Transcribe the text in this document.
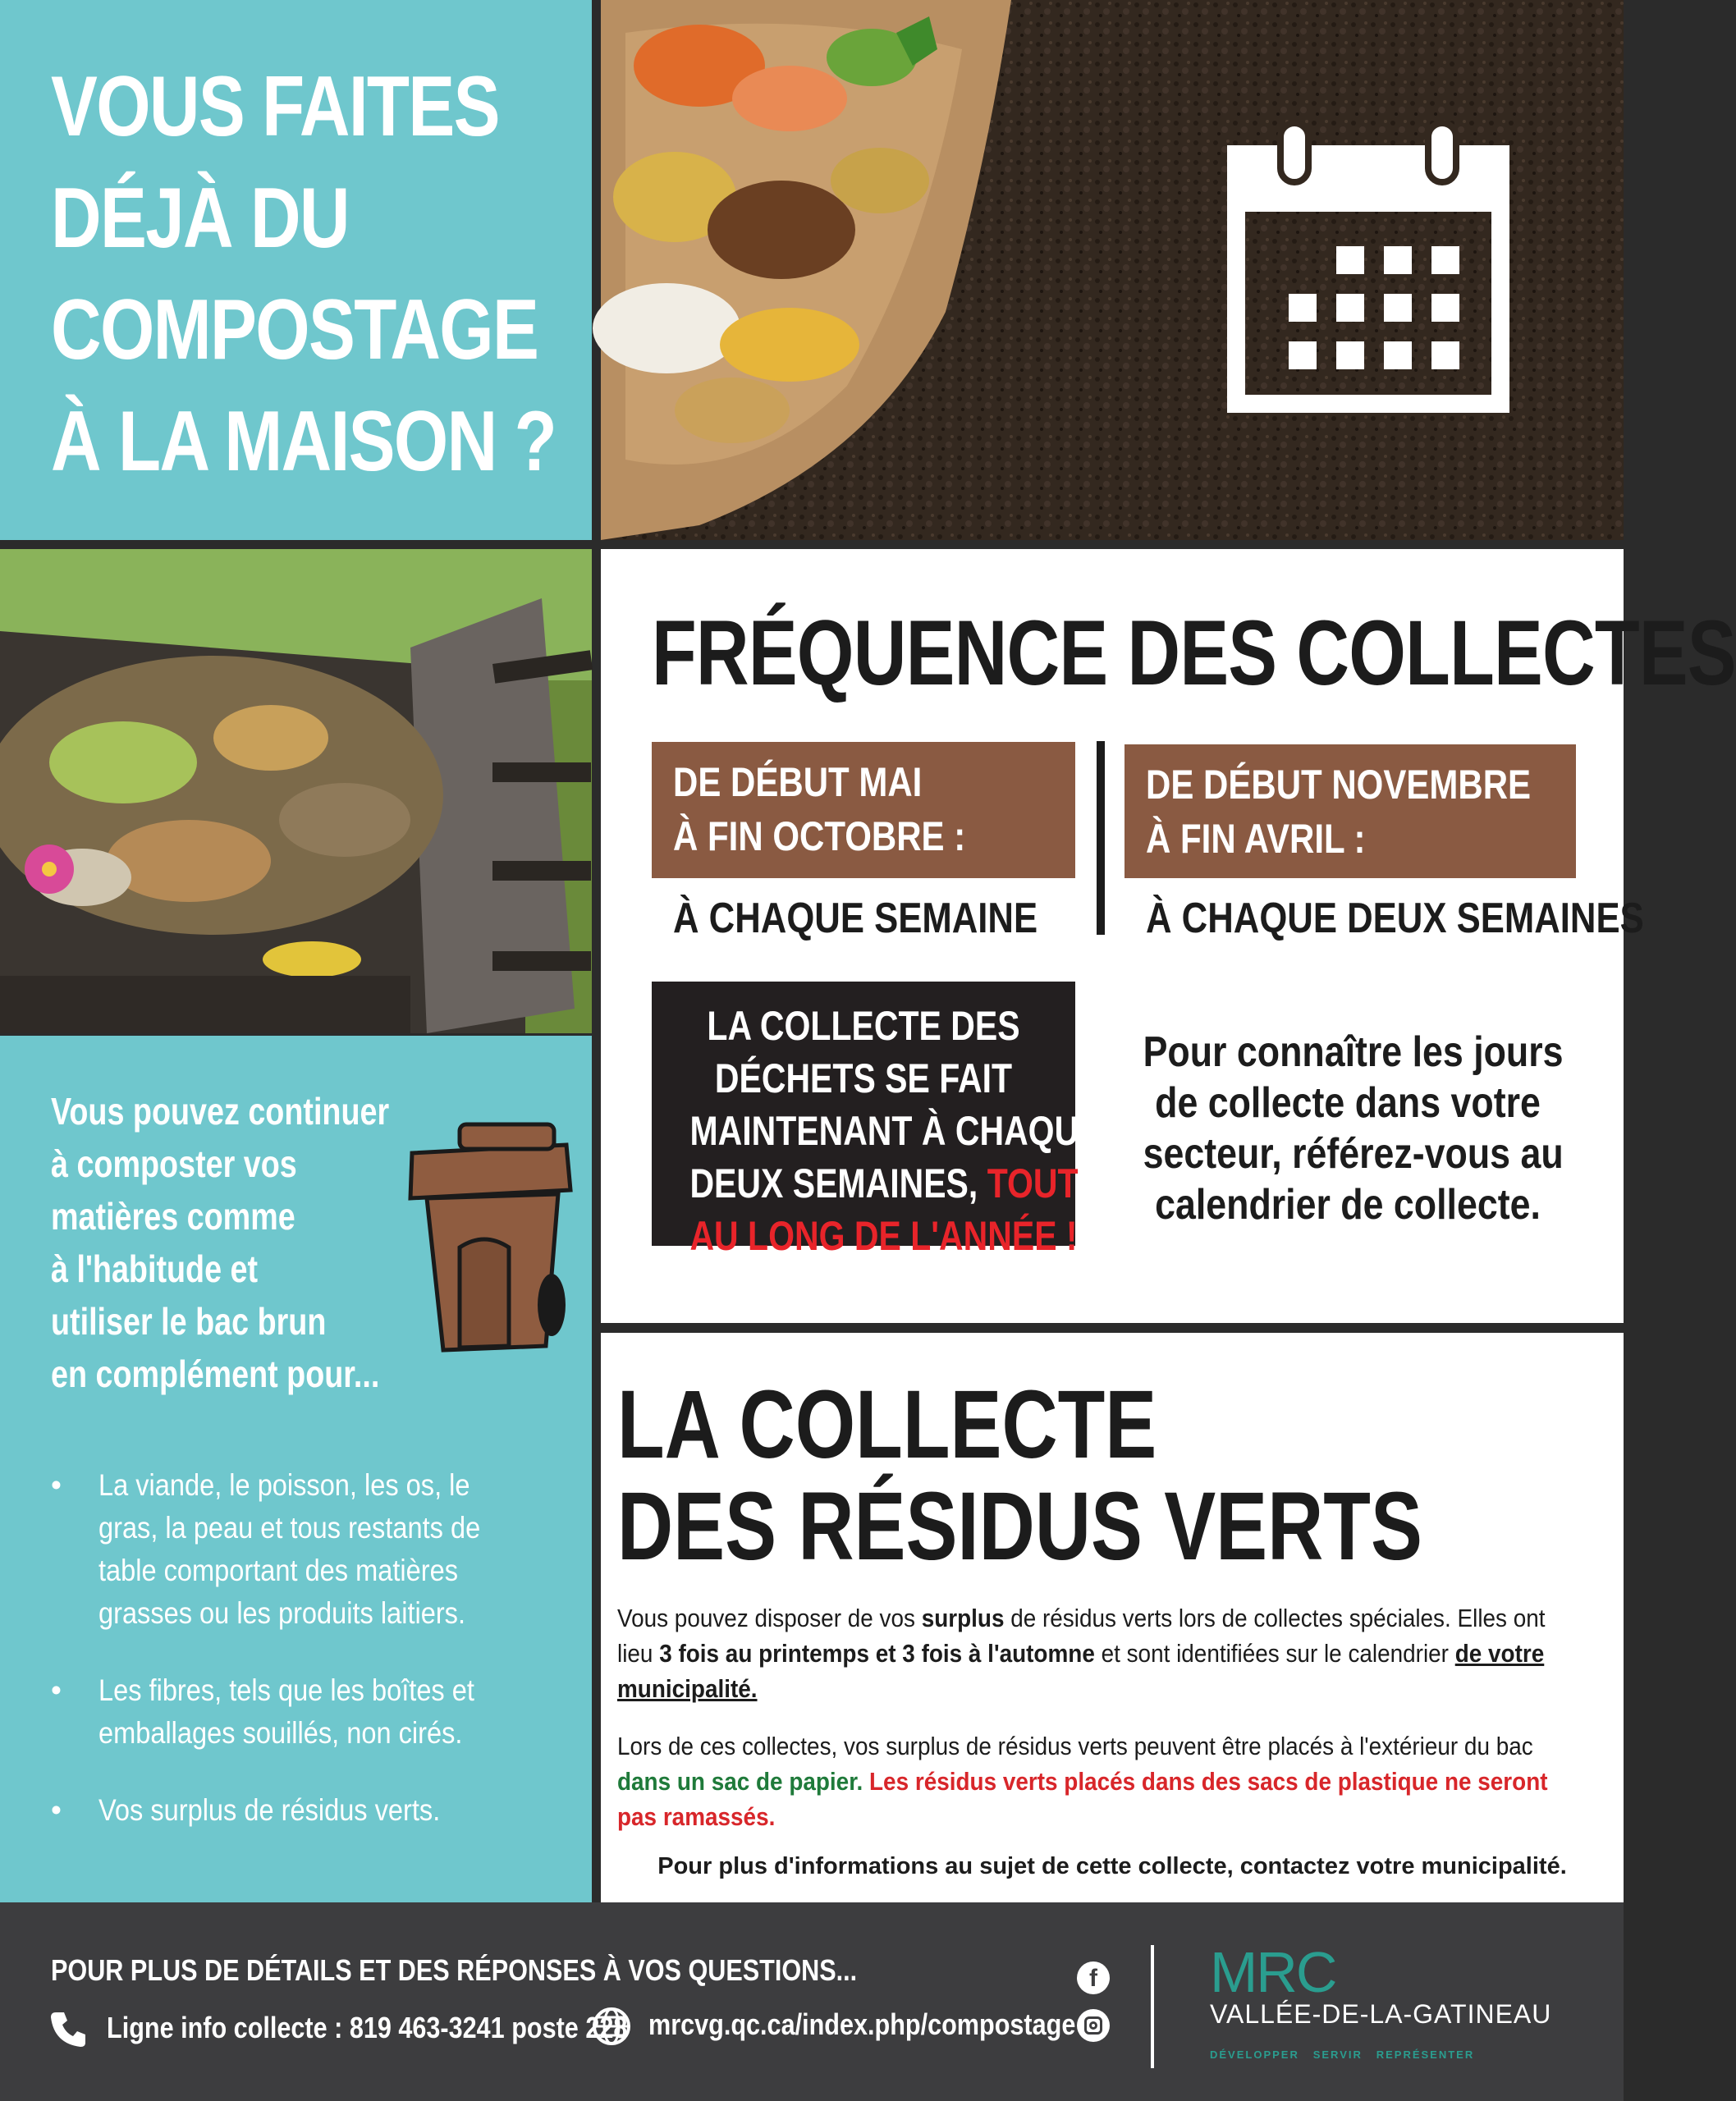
VOUS FAITES
DÉJÀ DU
COMPOSTAGE
À LA MAISON ?
Vous pouvez continuer
à composter vos
matières comme
à l'habitude et
utiliser le bac brun
en complément pour...
• La viande, le poisson, les os, le gras, la peau et tous restants de table comportant des matières grasses ou les produits laitiers.
• Les fibres, tels que les boîtes et emballages souillés, non cirés.
• Vos surplus de résidus verts.
FRÉQUENCE DES COLLECTES
DE DÉBUT MAI
À FIN OCTOBRE :
À CHAQUE SEMAINE
DE DÉBUT NOVEMBRE
À FIN AVRIL :
À CHAQUE DEUX SEMAINES
LA COLLECTE DES
DÉCHETS SE FAIT
MAINTENANT À CHAQUE
DEUX SEMAINES, TOUT
AU LONG DE L'ANNÉE !
Pour connaître les jours
de collecte dans votre
secteur, référez-vous au
calendrier de collecte.
LA COLLECTE
DES RÉSIDUS VERTS
Vous pouvez disposer de vos surplus de résidus verts lors de collectes spéciales. Elles ont lieu 3 fois au printemps et 3 fois à l'automne et sont identifiées sur le calendrier de votre municipalité.
Lors de ces collectes, vos surplus de résidus verts peuvent être placés à l'extérieur du bac dans un sac de papier. Les résidus verts placés dans des sacs de plastique ne seront pas ramassés.
Pour plus d'informations au sujet de cette collecte, contactez votre municipalité.
POUR PLUS DE DÉTAILS ET DES RÉPONSES À VOS QUESTIONS...
Ligne info collecte : 819 463-3241 poste 228 mrcvg.qc.ca/index.php/compostage
f MRC
VALLÉE-DE-LA-GATINEAU
DÉVELOPPER SERVIR REPRÉSENTER
